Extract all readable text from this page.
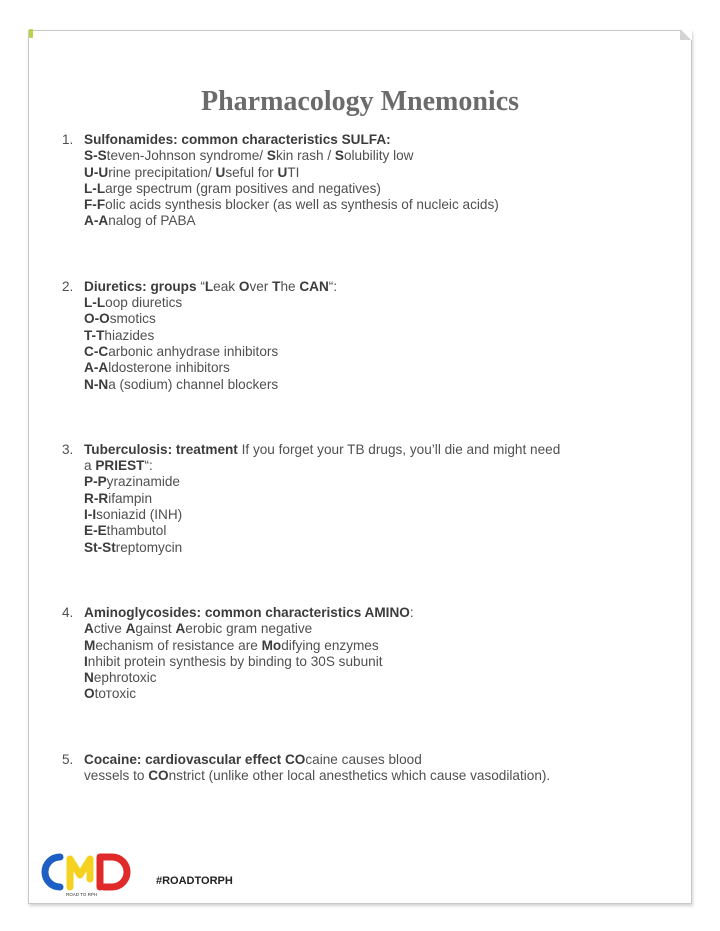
Pharmacology Mnemonics
1. Sulfonamides: common characteristics SULFA:
S-Steven-Johnson syndrome/ Skin rash / Solubility low
U-Urine precipitation/ Useful for UTI
L-Large spectrum (gram positives and negatives)
F-Folic acids synthesis blocker (as well as synthesis of nucleic acids)
A-Analog of PABA
2. Diuretics: groups “Leak Over The CAN“:
L-Loop diuretics
O-Osmotics
T-Thiazides
C-Carbonic anhydrase inhibitors
A-Aldosterone inhibitors
N-Na (sodium) channel blockers
3. Tuberculosis: treatment If you forget your TB drugs, you’ll die and might need
a PRIEST“:
P-Pyrazinamide
R-Rifampin
I-Isoniazid (INH)
E-Ethambutol
St-Streptomycin
4. Aminoglycosides: common characteristics AMINO:
Active Against Aerobic gram negative
Mechanism of resistance are Modifying enzymes
Inhibit protein synthesis by binding to 30S subunit
Nephrotoxic
Otотoxic
5. Cocaine: cardiovascular effect COcaine causes blood
vessels to COnstrict (unlike other local anesthetics which cause vasodilation).
ROAD TO RPH
#ROADTORPH
